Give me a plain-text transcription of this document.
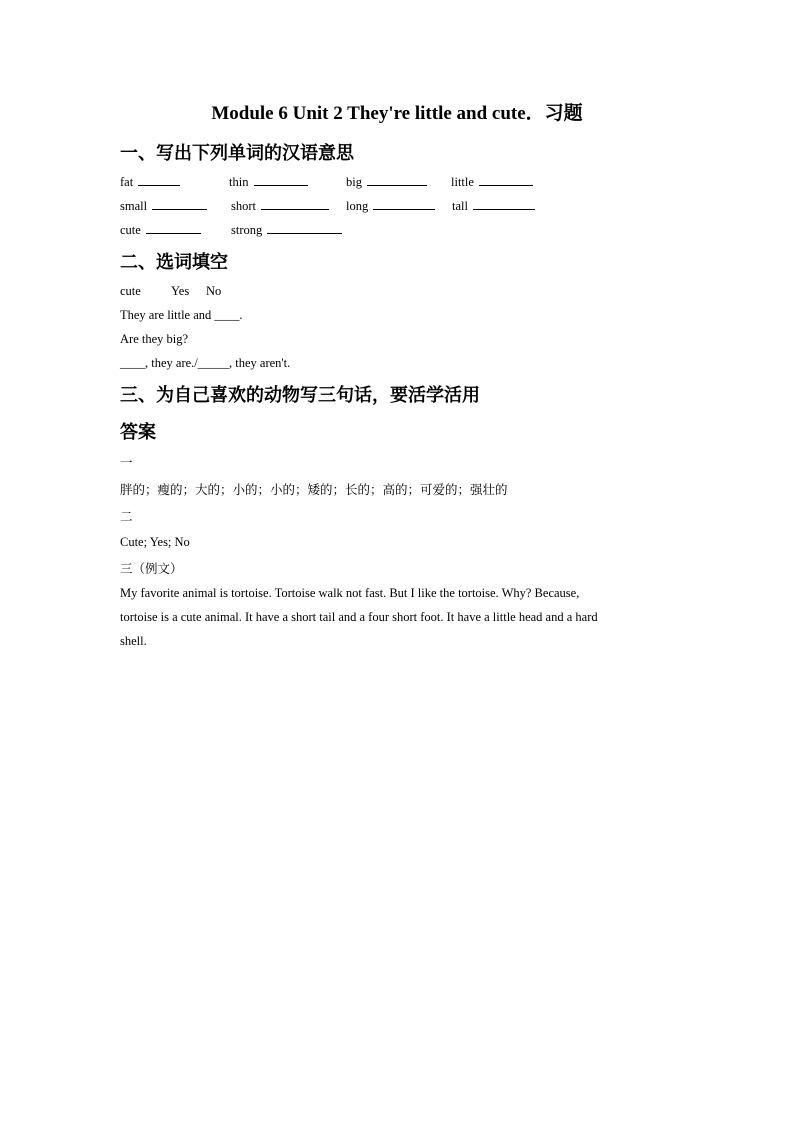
Module 6 Unit 2 They're little and cute．习题
一、写出下列单词的汉语意思
fat	thin	big	little
small	short	long	tall
cute	strong
二、选词填空
cute Yes No
They are little and ____.
Are they big?
____, they are./_____, they aren't.
三、为自己喜欢的动物写三句话，要活学活用
答案
一
胖的；瘦的；大的；小的；小的；矮的；长的；高的；可爱的；强壮的
二
Cute; Yes; No
三（例文）
My favorite animal is tortoise. Tortoise walk not fast. But I like the tortoise. Why? Because,
tortoise is a cute animal. It have a short tail and a four short foot. It have a little head and a hard
shell.
